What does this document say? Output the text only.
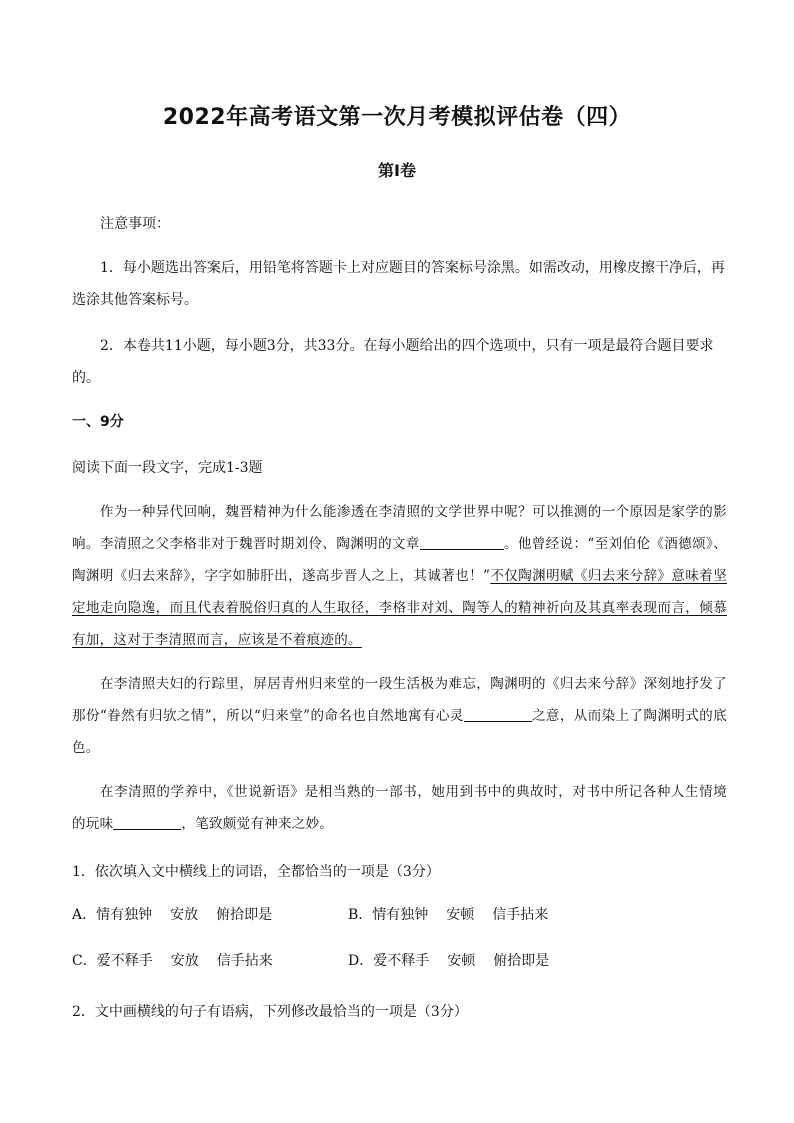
2022年高考语文第一次月考模拟评估卷（四）
第Ⅰ卷
注意事项：
1．每小题选出答案后，用铅笔将答题卡上对应题目的答案标号涂黑。如需改动，用橡皮擦干净后，再选涂其他答案标号。
2．本卷共11小题，每小题3分，共33分。在每小题给出的四个选项中，只有一项是最符合题目要求的。
一、9分
阅读下面一段文字，完成1-3题
作为一种异代回响，魏晋精神为什么能渗透在李清照的文学世界中呢？可以推测的一个原因是家学的影响。李清照之父李格非对于魏晋时期刘伶、陶渊明的文章	。他曾经说：“至刘伯伦《酒德颂》、陶渊明《归去来辞》，字字如肺肝出，遂高步晋人之上，其诚著也！”不仅陶渊明赋《归去来兮辞》意味着坚定地走向隐逸，而且代表着脱俗归真的人生取径，李格非对刘、陶等人的精神祈向及其真率表现而言，倾慕有加，这对于李清照而言，应该是不着痕迹的。
在李清照夫妇的行踪里，屏居青州归来堂的一段生活极为难忘，陶渊明的《归去来兮辞》深刻地抒发了那份“眷然有归欤之情”，所以“归来堂”的命名也自然地寓有心灵	之意，从而染上了陶渊明式的底色。
在李清照的学养中，《世说新语》是相当熟的一部书，她用到书中的典故时，对书中所记各种人生情境的玩味	，笔致颇觉有神来之妙。
1．依次填入文中横线上的词语，全都恰当的一项是（3分）
A．情有独钟 安放 俯拾即是	B．情有独钟 安顿 信手拈来
C．爱不释手 安放 信手拈来	D．爱不释手 安顿 俯拾即是
2．文中画横线的句子有语病，下列修改最恰当的一项是（3分）
